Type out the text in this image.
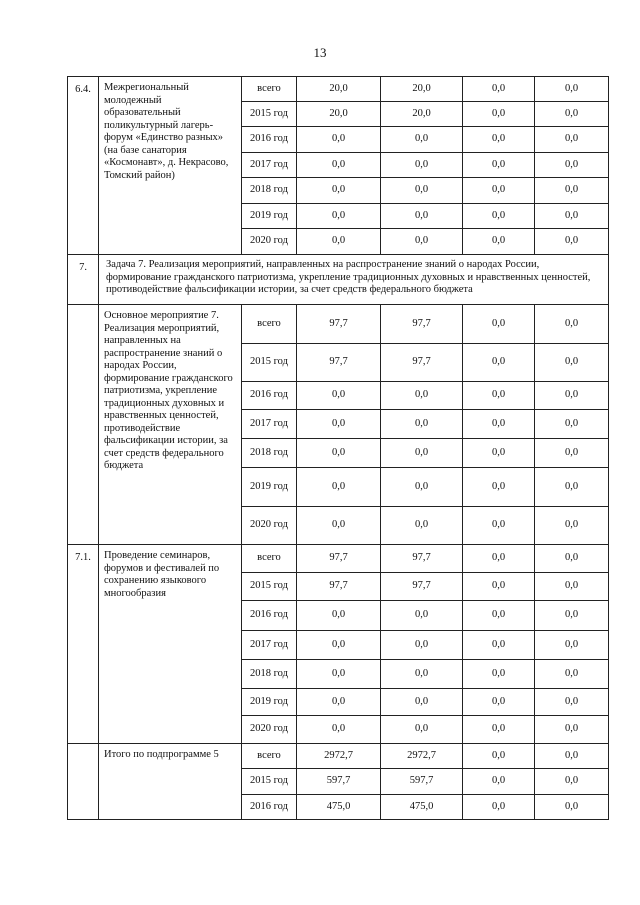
13
6.4.	Межрегиональный молодежный образовательный поликультурный лагерь-форум «Единство разных» (на базе санатория «Космонавт», д. Некрасово, Томский район)	всего	20,0	20,0	0,0	0,0
		2015 год	20,0	20,0	0,0	0,0
		2016 год	0,0	0,0	0,0	0,0
		2017 год	0,0	0,0	0,0	0,0
		2018 год	0,0	0,0	0,0	0,0
		2019 год	0,0	0,0	0,0	0,0
		2020 год	0,0	0,0	0,0	0,0
7.	Задача 7. Реализация мероприятий, направленных на распространение знаний о народах России, формирование гражданского патриотизма, укрепление традиционных духовных и нравственных ценностей, противодействие фальсификации истории, за счет средств федерального бюджета					
	Основное мероприятие 7. Реализация мероприятий, направленных на распространение знаний о народах России, формирование гражданского патриотизма, укрепление традиционных духовных и нравственных ценностей, противодействие фальсификации истории, за счет средств федерального бюджета	всего	97,7	97,7	0,0	0,0
		2015 год	97,7	97,7	0,0	0,0
		2016 год	0,0	0,0	0,0	0,0
		2017 год	0,0	0,0	0,0	0,0
		2018 год	0,0	0,0	0,0	0,0
		2019 год	0,0	0,0	0,0	0,0
		2020 год	0,0	0,0	0,0	0,0
7.1.	Проведение семинаров, форумов и фестивалей по сохранению языкового многообразия	всего	97,7	97,7	0,0	0,0
		2015 год	97,7	97,7	0,0	0,0
		2016 год	0,0	0,0	0,0	0,0
		2017 год	0,0	0,0	0,0	0,0
		2018 год	0,0	0,0	0,0	0,0
		2019 год	0,0	0,0	0,0	0,0
		2020 год	0,0	0,0	0,0	0,0
	Итого по подпрограмме 5	всего	2972,7	2972,7	0,0	0,0
		2015 год	597,7	597,7	0,0	0,0
		2016 год	475,0	475,0	0,0	0,0
